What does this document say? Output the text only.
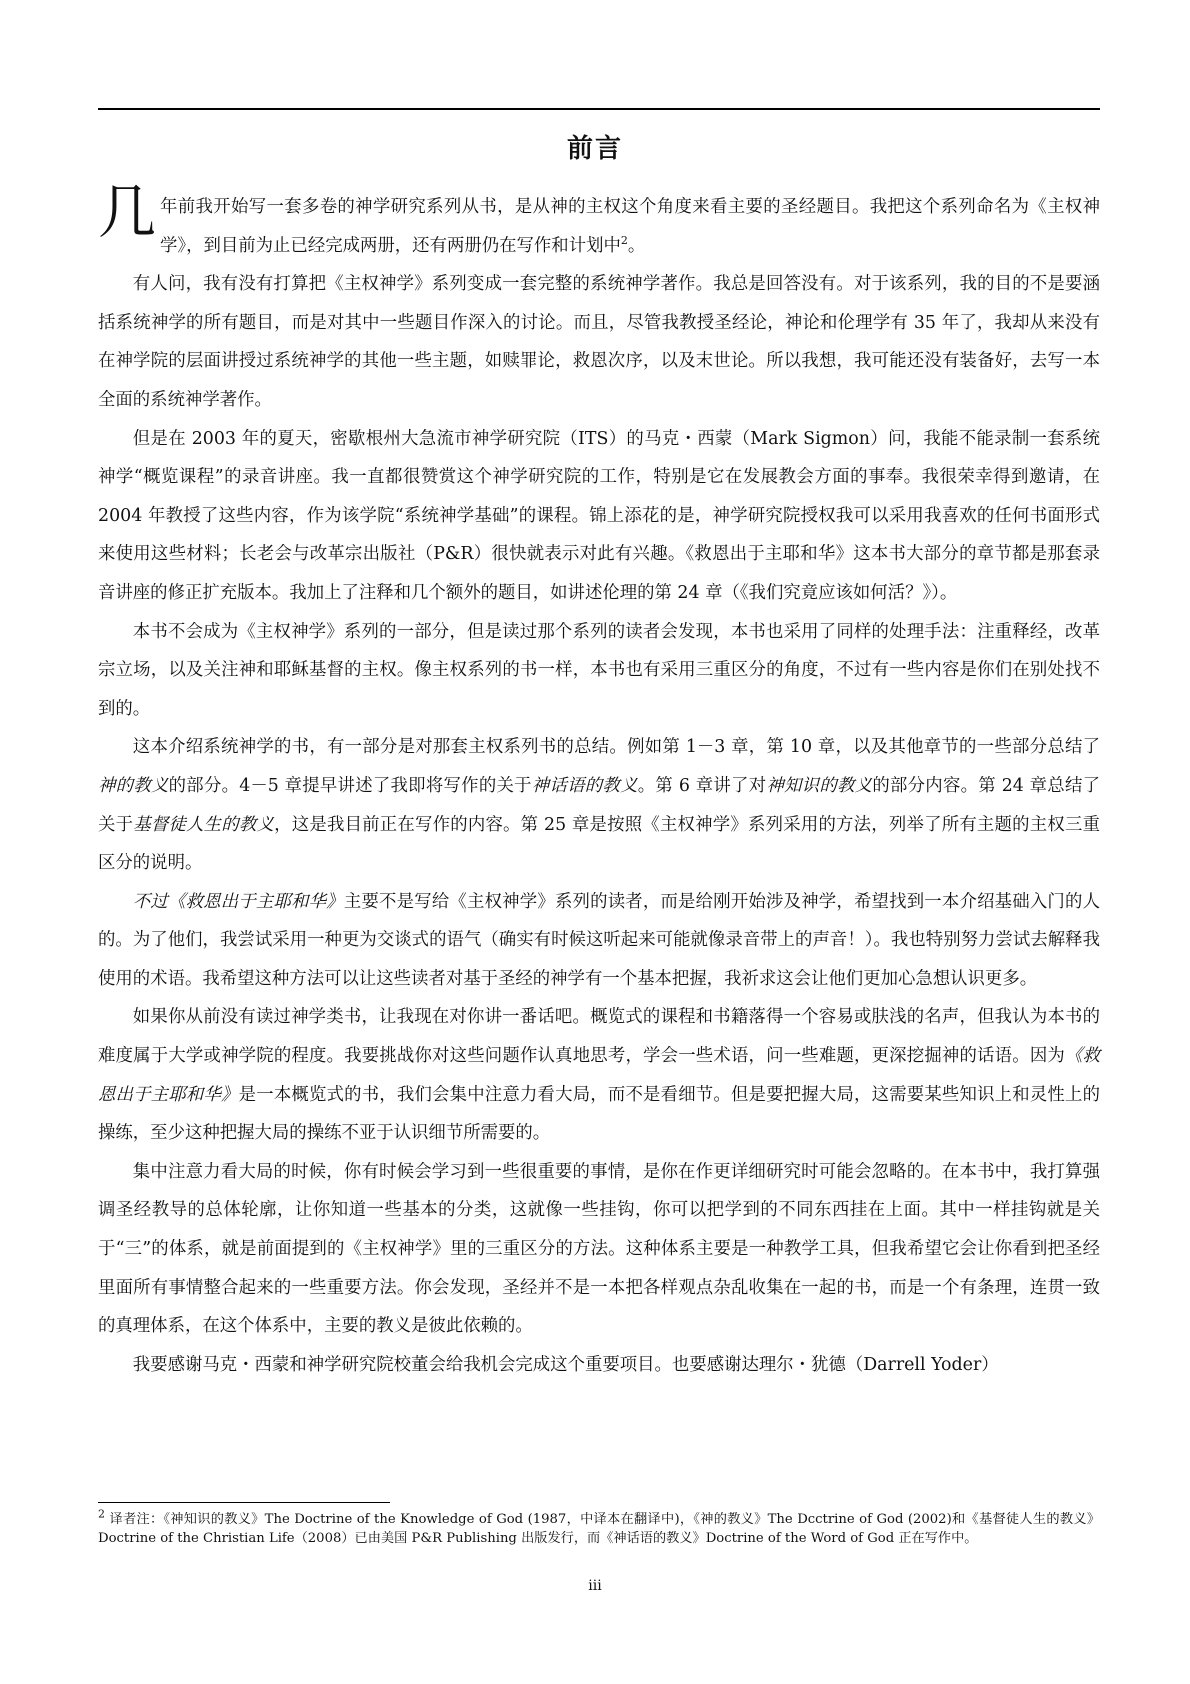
前言

几年前我开始写一套多卷的神学研究系列从书，是从神的主权这个角度来看主要的圣经题目。我把这个系列命名为《主权神学》，到目前为止已经完成两册，还有两册仍在写作和计划中$^2$。

有人问，我有没有打算把《主权神学》系列变成一套完整的系统神学著作。我总是回答没有。对于该系列，我的目的不是要涵括系统神学的所有题目，而是对其中一些题目作深入的讨论。而且，尽管我教授圣经论，神论和伦理学有 35 年了，我却从来没有在神学院的层面讲授过系统神学的其他一些主题，如赎罪论，救恩次序，以及末世论。所以我想，我可能还没有装备好，去写一本全面的系统神学著作。

但是在 2003 年的夏天，密歇根州大急流市神学研究院（ITS）的马克・西蒙（Mark Sigmon）问，我能不能录制一套系统神学“概览课程”的录音讲座。我一直都很赞赏这个神学研究院的工作，特别是它在发展教会方面的事奉。我很荣幸得到邀请，在 2004 年教授了这些内容，作为该学院“系统神学基础”的课程。锦上添花的是，神学研究院授权我可以采用我喜欢的任何书面形式来使用这些材料；长老会与改革宗出版社（P&R）很快就表示对此有兴趣。《救恩出于主耶和华》这本书大部分的章节都是那套录音讲座的修正扩充版本。我加上了注释和几个额外的题目，如讲述伦理的第 24 章（《我们究竟应该如何活？》）。

本书不会成为《主权神学》系列的一部分，但是读过那个系列的读者会发现，本书也采用了同样的处理手法：注重释经，改革宗立场，以及关注神和耶稣基督的主权。像主权系列的书一样，本书也有采用三重区分的角度，不过有一些内容是你们在别处找不到的。

这本介绍系统神学的书，有一部分是对那套主权系列书的总结。例如第 1－3 章，第 10 章，以及其他章节的一些部分总结了神的教义的部分。4－5 章提早讲述了我即将写作的关于神话语的教义。第 6 章讲了对神知识的教义的部分内容。第 24 章总结了关于基督徒人生的教义，这是我目前正在写作的内容。第 25 章是按照《主权神学》系列采用的方法，列举了所有主题的主权三重区分的说明。

不过《救恩出于主耶和华》主要不是写给《主权神学》系列的读者，而是给刚开始涉及神学，希望找到一本介绍基础入门的人的。为了他们，我尝试采用一种更为交谈式的语气（确实有时候这听起来可能就像录音带上的声音！）。我也特别努力尝试去解释我使用的术语。我希望这种方法可以让这些读者对基于圣经的神学有一个基本把握，我祈求这会让他们更加心急想认识更多。

如果你从前没有读过神学类书，让我现在对你讲一番话吧。概览式的课程和书籍落得一个容易或肤浅的名声，但我认为本书的难度属于大学或神学院的程度。我要挑战你对这些问题作认真地思考，学会一些术语，问一些难题，更深挖掘神的话语。因为《救恩出于主耶和华》是一本概览式的书，我们会集中注意力看大局，而不是看细节。但是要把握大局，这需要某些知识上和灵性上的操练，至少这种把握大局的操练不亚于认识细节所需要的。

集中注意力看大局的时候，你有时候会学习到一些很重要的事情，是你在作更详细研究时可能会忽略的。在本书中，我打算强调圣经教导的总体轮廓，让你知道一些基本的分类，这就像一些挂钩，你可以把学到的不同东西挂在上面。其中一样挂钩就是关于“三”的体系，就是前面提到的《主权神学》里的三重区分的方法。这种体系主要是一种教学工具，但我希望它会让你看到把圣经里面所有事情整合起来的一些重要方法。你会发现，圣经并不是一本把各样观点杂乱收集在一起的书，而是一个有条理，连贯一致的真理体系，在这个体系中，主要的教义是彼此依赖的。

我要感谢马克・西蒙和神学研究院校董会给我机会完成这个重要项目。也要感谢达理尔・犹德（Darrell Yoder）

$^2$ 译者注：《神知识的教义》The Doctrine of the Knowledge of God (1987，中译本在翻译中)，《神的教义》The Dcctrine of God (2002)和《基督徒人生的教义》Doctrine of the Christian Life（2008）已由美国 P&R Publishing 出版发行，而《神话语的教义》Doctrine of the Word of God 正在写作中。
iii
